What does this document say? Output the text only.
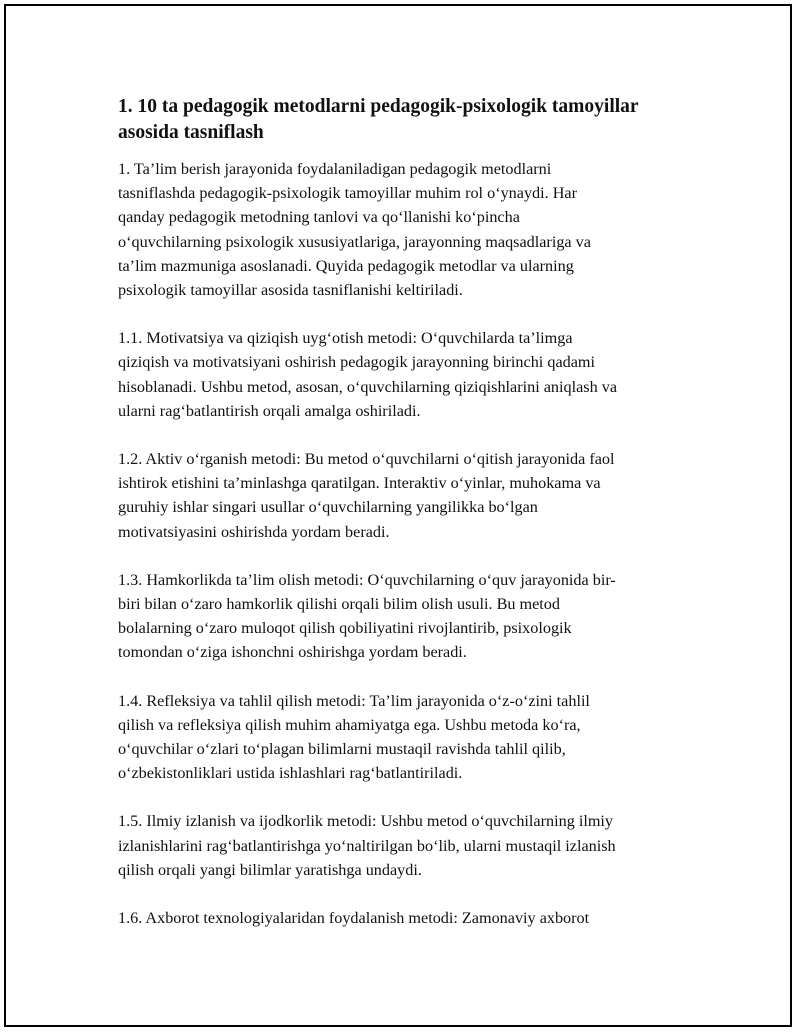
1. 10 ta pedagogik metodlarni pedagogik-psixologik tamoyillar asosida tasniflash
1. Ta’lim berish jarayonida foydalaniladigan pedagogik metodlarni
tasniflashda pedagogik-psixologik tamoyillar muhim rol o‘ynaydi. Har
qanday pedagogik metodning tanlovi va qo‘llanishi ko‘pincha
o‘quvchilarning psixologik xususiyatlariga, jarayonning maqsadlariga va
ta’lim mazmuniga asoslanadi. Quyida pedagogik metodlar va ularning
psixologik tamoyillar asosida tasniflanishi keltiriladi.
1.1. Motivatsiya va qiziqish uyg‘otish metodi: O‘quvchilarda ta’limga
qiziqish va motivatsiyani oshirish pedagogik jarayonning birinchi qadami
hisoblanadi. Ushbu metod, asosan, o‘quvchilarning qiziqishlarini aniqlash va
ularni rag‘batlantirish orqali amalga oshiriladi.
1.2. Aktiv o‘rganish metodi: Bu metod o‘quvchilarni o‘qitish jarayonida faol
ishtirok etishini ta’minlashga qaratilgan. Interaktiv o‘yinlar, muhokama va
guruhiy ishlar singari usullar o‘quvchilarning yangilikka bo‘lgan
motivatsiyasini oshirishda yordam beradi.
1.3. Hamkorlikda ta’lim olish metodi: O‘quvchilarning o‘quv jarayonida bir-
biri bilan o‘zaro hamkorlik qilishi orqali bilim olish usuli. Bu metod
bolalarning o‘zaro muloqot qilish qobiliyatini rivojlantirib, psixologik
tomondan o‘ziga ishonchni oshirishga yordam beradi.
1.4. Refleksiya va tahlil qilish metodi: Ta’lim jarayonida o‘z-o‘zini tahlil
qilish va refleksiya qilish muhim ahamiyatga ega. Ushbu metoda ko‘ra,
o‘quvchilar o‘zlari to‘plagan bilimlarni mustaqil ravishda tahlil qilib,
o‘zbekistonliklari ustida ishlashlari rag‘batlantiriladi.
1.5. Ilmiy izlanish va ijodkorlik metodi: Ushbu metod o‘quvchilarning ilmiy
izlanishlarini rag‘batlantirishga yo‘naltirilgan bo‘lib, ularni mustaqil izlanish
qilish orqali yangi bilimlar yaratishga undaydi.
1.6. Axborot texnologiyalaridan foydalanish metodi: Zamonaviy axborot
